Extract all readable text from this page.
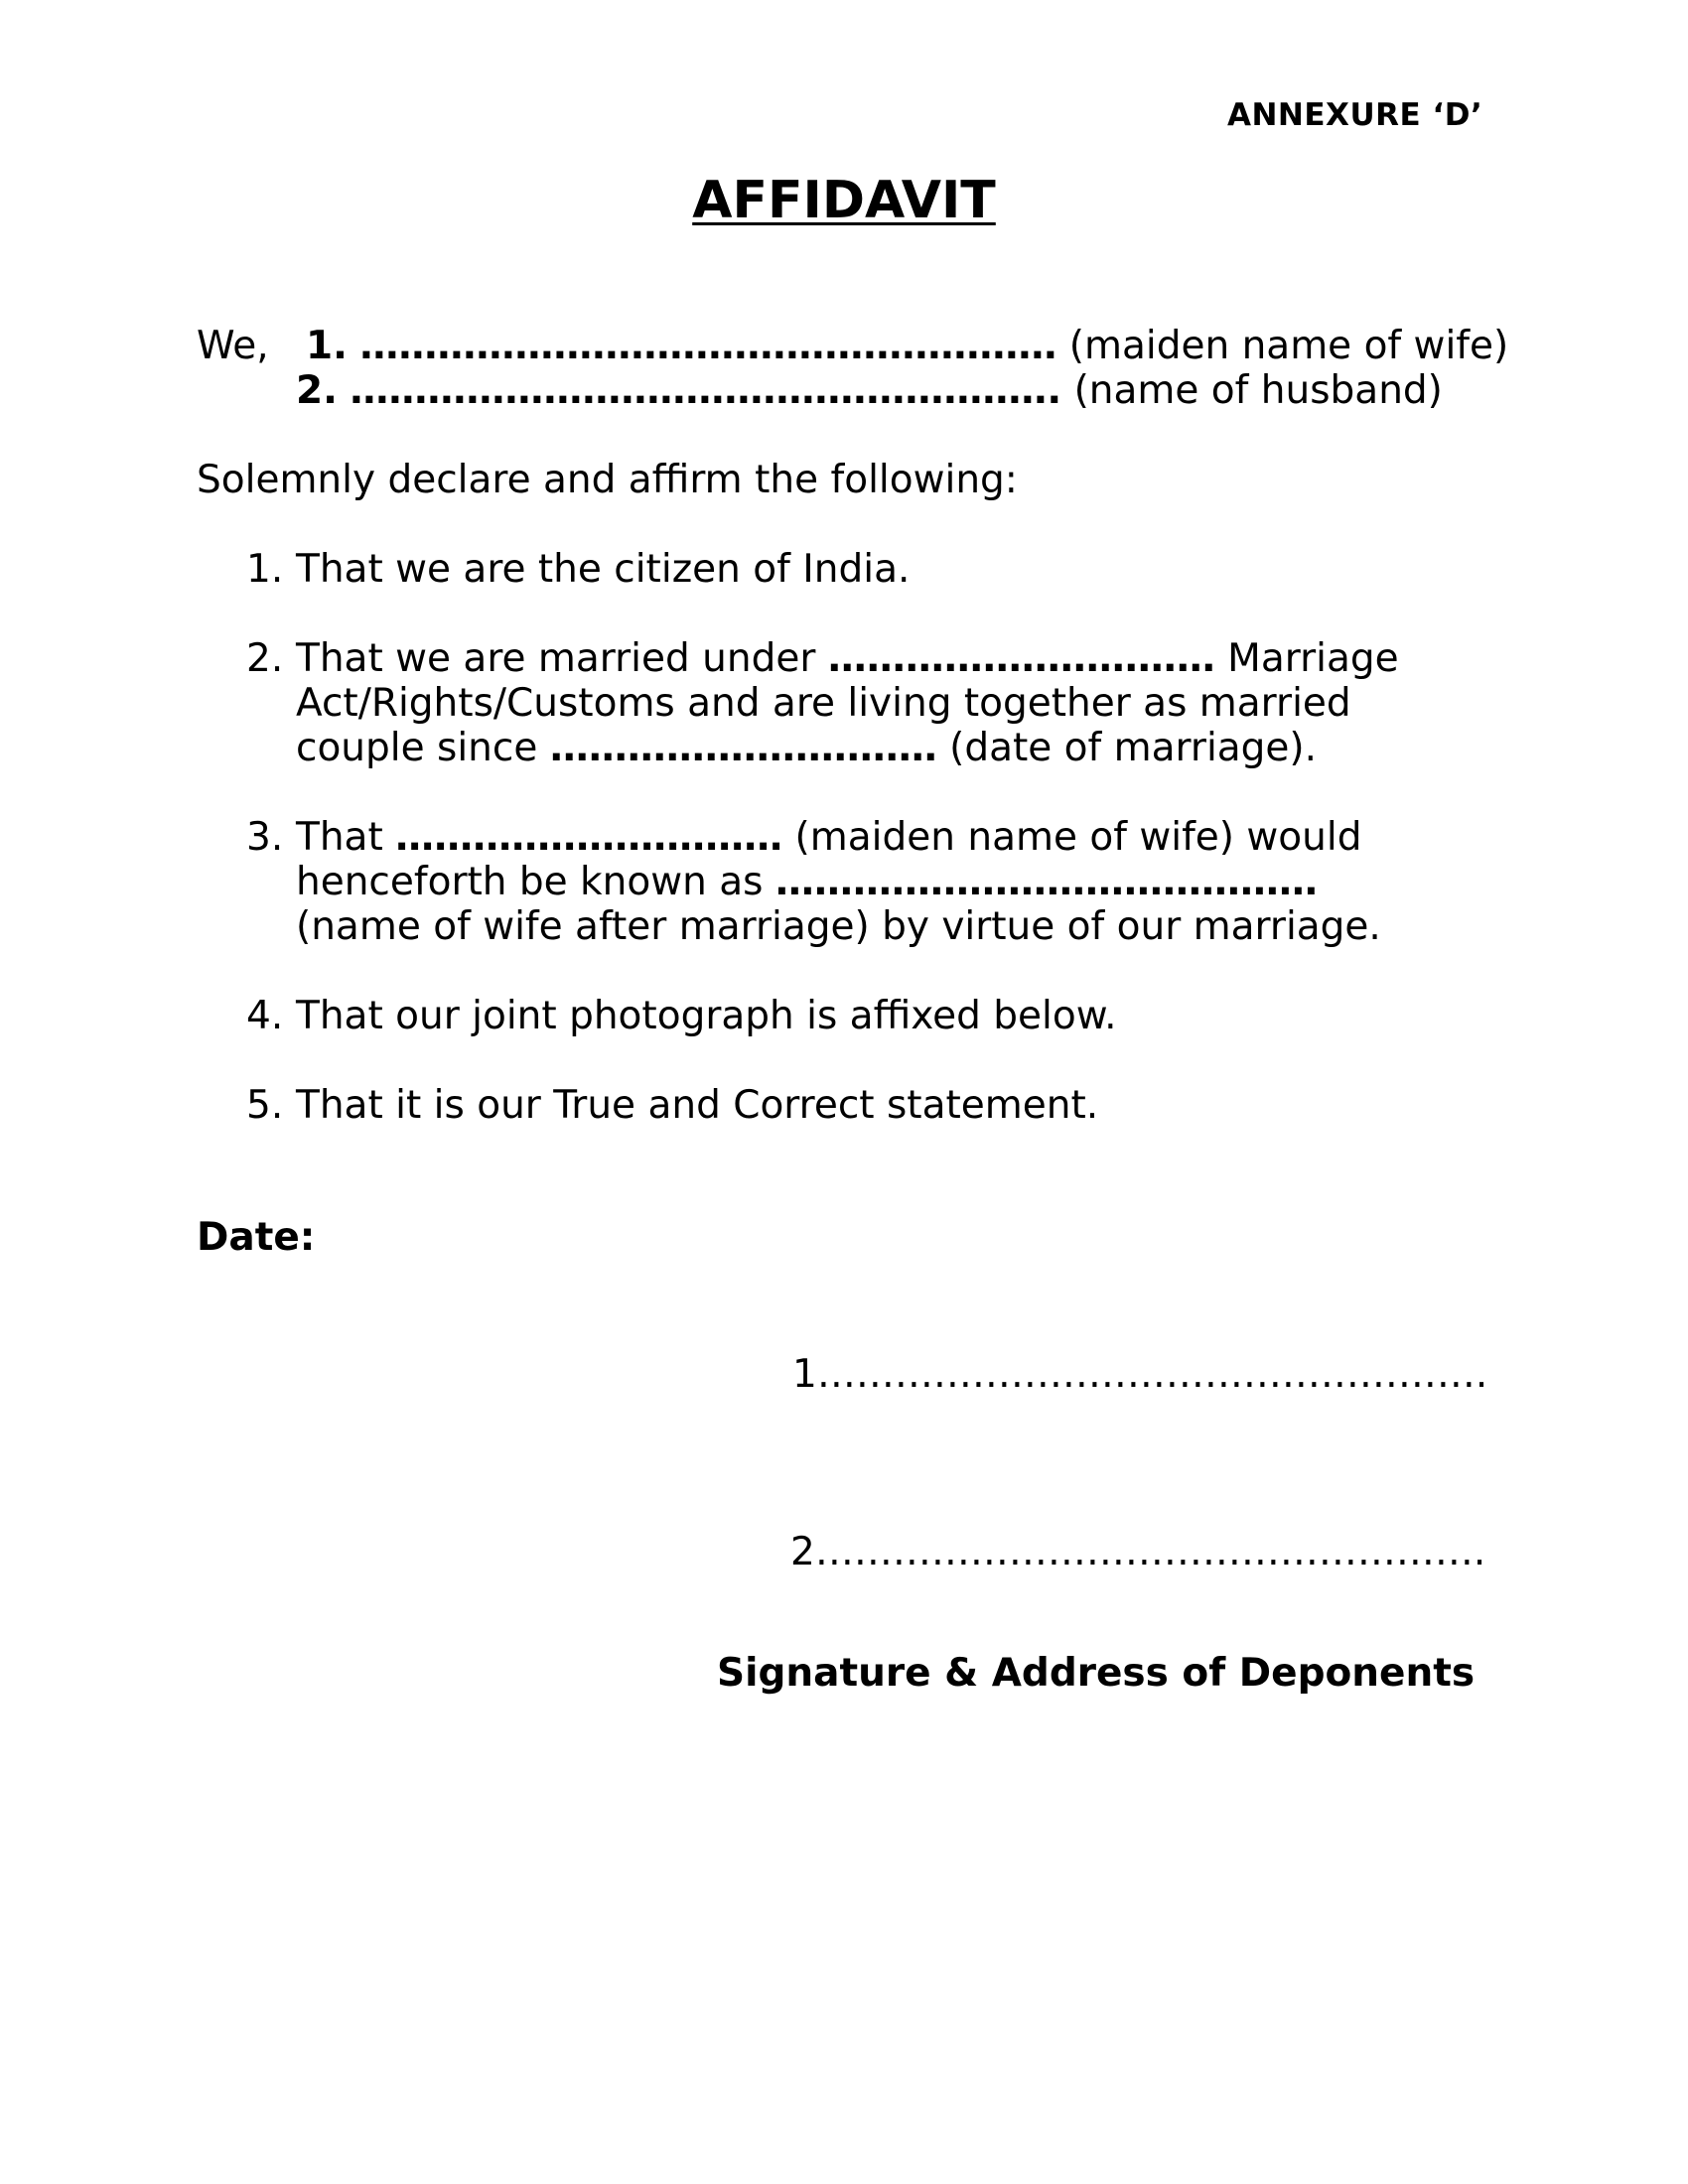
ANNEXURE ‘D’
AFFIDAVIT
We, 1. ……………………………………………… (maiden name of wife)
2. ………………………………………………. (name of husband)
Solemnly declare and affirm the following:
1. That we are the citizen of India.
2. That we are married under ………………………… Marriage
Act/Rights/Customs and are living together as married
couple since ………………………… (date of marriage).
3. That ………………………… (maiden name of wife) would
henceforth be known as ……………………………………
(name of wife after marriage) by virtue of our marriage.
4. That our joint photograph is affixed below.
5. That it is our True and Correct statement.
Date:
1…………………………………………….
2…………………………………………….
Signature & Address of Deponents
